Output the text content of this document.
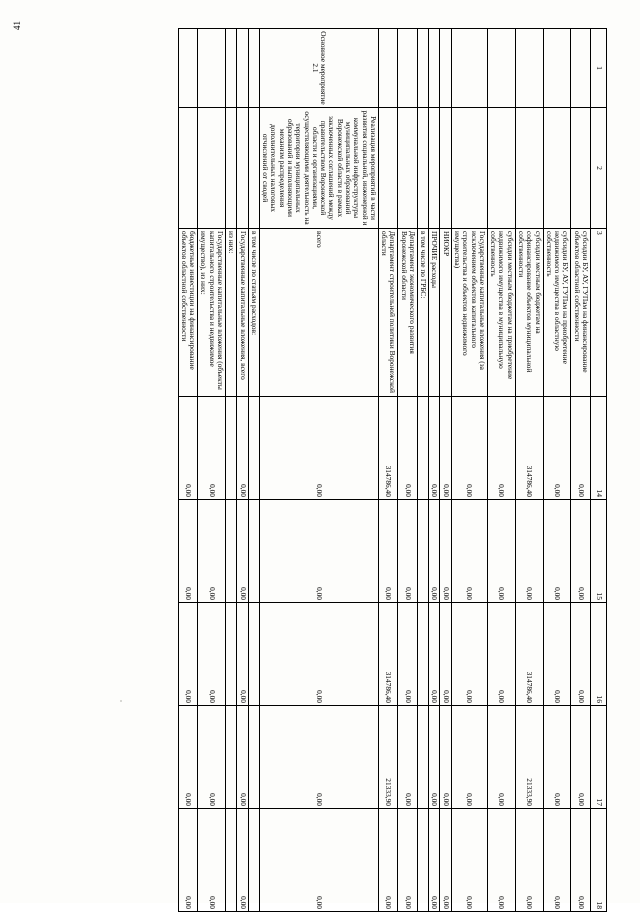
41
1	2	3	14	15	16	17	18
		субсидии БУ, АУ, ГУПам на финансирование объектов областной собственности	0,00	0,00	0,00	0,00	0,00
		субсидии БУ, АУ, ГУПам на приобретение недвижимого имущества в областную собственность	0,00	0,00	0,00	0,00	0,00
		субсидии местным бюджетам на софинансирование объектов муниципальной собственности	314786,40	0,00	314786,40	21333,90	0,00
		субсидии местным бюджетам на приобретение недвижимого имущества в муниципальную собственность	0,00	0,00	0,00	0,00	0,00
		Государственные капитальные вложения (за исключением объектов капитального строительства и объектов недвижимого имущества)	0,00	0,00	0,00	0,00	0,00
		НИОКР	0,00	0,00	0,00	0,00	0,00
		ПРОЧИЕ расходы	0,00	0,00	0,00	0,00	0,00
		в том числе по ГРБС:					
		Департамент экономического развития Воронежской области	0,00	0,00	0,00	0,00	0,00
		Департамент строительной политики Воронежской области	314786,40	0,00	314786,40	21333,90	0,00
Основное мероприятие 2.1	Реализация мероприятий в части развития социальной, инженерной и коммунальной инфраструктуры муниципальных образований Воронежской области в рамках заключенных соглашений между правительством Воронежской области и организациями, осуществляющими деятельность на территории муниципальных образований и выполняющими механизм распределения дополнительных налоговых отчислений от сводей	всего	0,00	0,00	0,00	0,00	0,00
		в том числе по статьям расходов:					
		Государственные капитальные вложения, всего	0,00	0,00	0,00	0,00	0,00
		из них:					
		Государственные капитальные вложения (объекты капитального строительства и недвижимое имущество), из них:	0,00	0,00	0,00	0,00	0,00
		бюджетные инвестиции на финансирование объектов областной собственности	0,00	0,00	0,00	0,00	0,00
